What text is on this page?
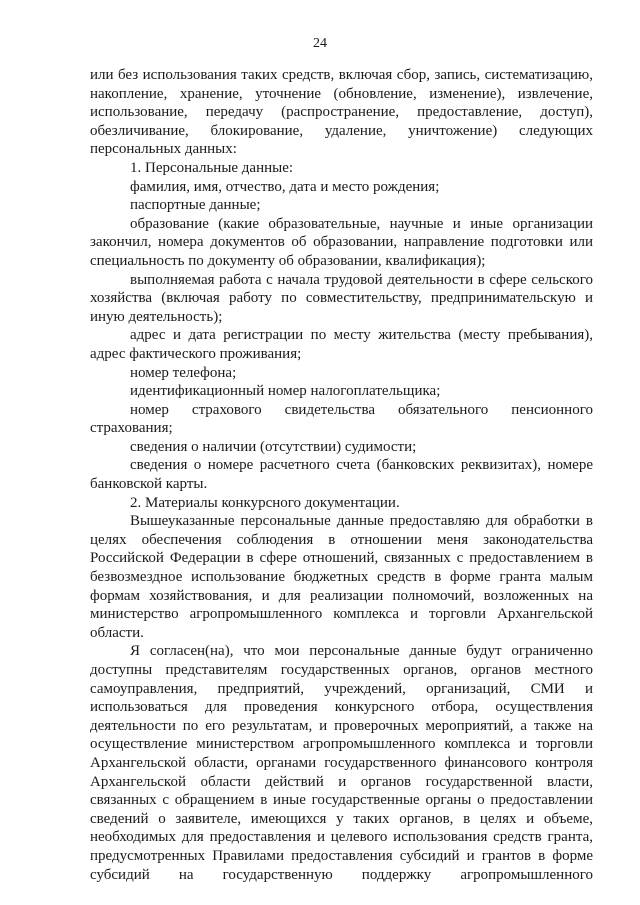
24

или без использования таких средств, включая сбор, запись, систематизацию, накопление, хранение, уточнение (обновление, изменение), извлечение, использование, передачу (распространение, предоставление, доступ), обезличивание, блокирование, удаление, уничтожение) следующих персональных данных:

1. Персональные данные:

фамилия, имя, отчество, дата и место рождения;

паспортные данные;

образование (какие образовательные, научные и иные организации закончил, номера документов об образовании, направление подготовки или специальность по документу об образовании, квалификация);

выполняемая работа с начала трудовой деятельности в сфере сельского хозяйства (включая работу по совместительству, предпринимательскую и иную деятельность);

адрес и дата регистрации по месту жительства (месту пребывания), адрес фактического проживания;

номер телефона;

идентификационный номер налогоплательщика;

номер страхового свидетельства обязательного пенсионного страхования;

сведения о наличии (отсутствии) судимости;

сведения о номере расчетного счета (банковских реквизитах), номере банковской карты.

2. Материалы конкурсного документации.

Вышеуказанные персональные данные предоставляю для обработки в целях обеспечения соблюдения в отношении меня законодательства Российской Федерации в сфере отношений, связанных с предоставлением в безвозмездное использование бюджетных средств в форме гранта малым формам хозяйствования, и для реализации полномочий, возложенных на министерство агропромышленного комплекса и торговли Архангельской области.

Я согласен(на), что мои персональные данные будут ограниченно доступны представителям государственных органов, органов местного самоуправления, предприятий, учреждений, организаций, СМИ и использоваться для проведения конкурсного отбора, осуществления деятельности по его результатам, и проверочных мероприятий, а также на осуществление министерством агропромышленного комплекса и торговли Архангельской области, органами государственного финансового контроля Архангельской области действий и органов государственной власти, связанных с обращением в иные государственные органы о предоставлении сведений о заявителе, имеющихся у таких органов, в целях и объеме, необходимых для предоставления и целевого использования средств гранта, предусмотренных Правилами предоставления субсидий и грантов в форме субсидий на государственную поддержку агропромышленного
